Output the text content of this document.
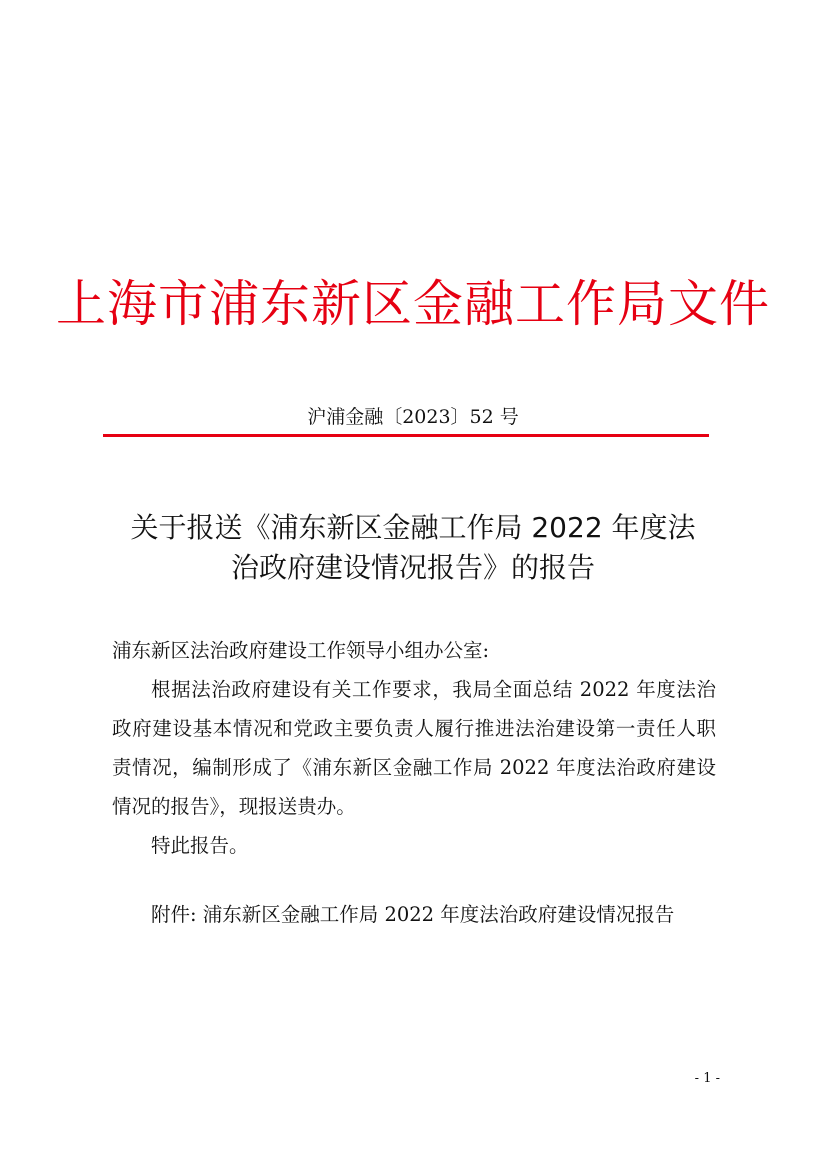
上海市浦东新区金融工作局文件
沪浦金融〔2023〕52 号
关于报送《浦东新区金融工作局 2022 年度法
治政府建设情况报告》的报告

浦东新区法治政府建设工作领导小组办公室:

根据法治政府建设有关工作要求，我局全面总结 2022 年度法治政府建设基本情况和党政主要负责人履行推进法治建设第一责任人职责情况，编制形成了《浦东新区金融工作局 2022 年度法治政府建设情况的报告》，现报送贵办。

特此报告。

附件: 浦东新区金融工作局 2022 年度法治政府建设情况报告

- 1 -
